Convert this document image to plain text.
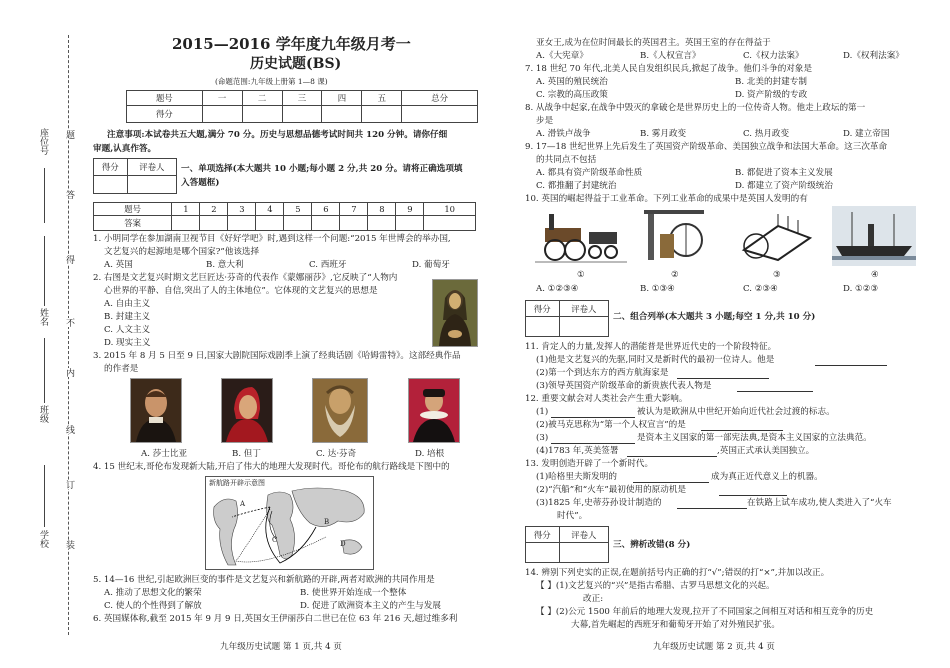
座位号
姓名
班级
学校
题
答
得
不
内
线
订
装
2015—2016 学年度九年级月考一
历史试题(BS)
(命题范围:九年级上册第 1—8 课)
题号	一	二	三	四	五	总分
得分						
注意事项:本试卷共五大题,满分 70 分。历史与思想品德考试时间共 120 分钟。请你仔细
审题,认真作答。
得分	评卷人
	一、单项选择(本大题共 10 小题;每小题 2 分,共 20 分。请将正确选项填
入答题框)
题号	1	2	3	4	5	6	7	8	9	10
答案										
1. 小明同学在参加湖南卫视节目《好好学吧》时,遇到这样一个问题:“2015 年世博会的举办国,
文艺复兴的起源地是哪个国家?”他该选择
A. 英国	B. 意大利	C. 西班牙	D. 葡萄牙
2. 右图是文艺复兴时期文艺巨匠达·芬奇的代表作《蒙娜丽莎》,它反映了“人物内
心世界的平静、自信,突出了人的主体地位”。它体现的文艺复兴的思想是
A. 自由主义
B. 封建主义
C. 人文主义
D. 现实主义
3. 2015 年 8 月 5 日至 9 日,国家大剧院国际戏剧季上演了经典话剧《哈姆雷特》。这部经典作品
的作者是
A. 莎士比亚	B. 但丁	C. 达·芬奇	D. 培根
4. 15 世纪末,哥伦布发现新大陆,开启了伟大的地理大发现时代。哥伦布的航行路线是下图中的
新航路开辟示意图
A
B
C	D
5. 14—16 世纪,引起欧洲巨变的事件是文艺复兴和新航路的开辟,两者对欧洲的共同作用是
A. 推动了思想文化的繁荣	B. 使世界开始连成一个整体
C. 使人的个性得到了解放	D. 促进了欧洲资本主义的产生与发展
6. 英国媒体称,截至 2015 年 9 月 9 日,英国女王伊丽莎白二世已在位 63 年 216 天,超过维多利
九年级历史试题 第 1 页,共 4 页
亚女王,成为在位时间最长的英国君主。英国王室的存在得益于
A.《大宪章》	B.《人权宣言》	C.《权力法案》	D.《权利法案》
7. 18 世纪 70 年代,北美人民自发组织民兵,掀起了战争。他们斗争的对象是
A. 英国的殖民统治	B. 北美的封建专制
C. 宗教的高压政策	D. 资产阶级的专政
8. 从战争中起家,在战争中毁灭的拿破仑是世界历史上的一位传奇人物。他走上政坛的第一
步是
A. 滑铁卢战争	B. 雾月政变	C. 热月政变	D. 建立帝国
9. 17—18 世纪世界上先后发生了英国资产阶级革命、美国独立战争和法国大革命。这三次革命
的共同点不包括
A. 都具有资产阶级革命性质	B. 都促进了资本主义发展
C. 都推翻了封建统治	D. 都建立了资产阶级统治
10. 英国的崛起得益于工业革命。下列工业革命的成果中是英国人发明的有
①	②	③	④
A. ①②③④	B. ①③④	C. ②③④	D. ①②③
得分	评卷人

二、组合列举(本大题共 3 小题;每空 1 分,共 10 分)
11. 肯定人的力量,发挥人的潜能普是世界近代史的一个阶段特征。
(1)他是文艺复兴的先驱,同时又是新时代的最初一位诗人。他是
(2)第一个到达东方的西方航海家是
(3)领导英国资产阶级革命的新贵族代表人物是
12. 重要文献会对人类社会产生重大影响。
(1)	被认为是欧洲从中世纪开始向近代社会过渡的标志。
(2)被马克思称为“第一个人权宣言”的是
(3)	是资本主义国家的第一部宪法典,是资本主义国家的立法典范。
(4)1783 年,英美签署	,英国正式承认美国独立。
13. 发明创造开辟了一个新时代。
(1)哈格里夫斯发明的	成为真正近代意义上的机器。
(2)“汽船”和“火车”最初使用的原动机是
(3)1825 年,史蒂芬孙设计制造的	在铁路上试车成功,使人类进入了“火车
时代”。
得分	评卷人

三、辨析改错(8 分)
14. 辨别下列史实的正误,在题前括号内正确的打“√”;错误的打“×”,并加以改正。
【 】(1)文艺复兴的“兴”是指古希腊、古罗马思想文化的兴起。
改正:
【 】(2)公元 1500 年前后的地理大发现,拉开了不同国家之间相互对话和相互竞争的历史
大幕,首先崛起的西班牙和葡萄牙开始了对外殖民扩张。
九年级历史试题 第 2 页,共 4 页
